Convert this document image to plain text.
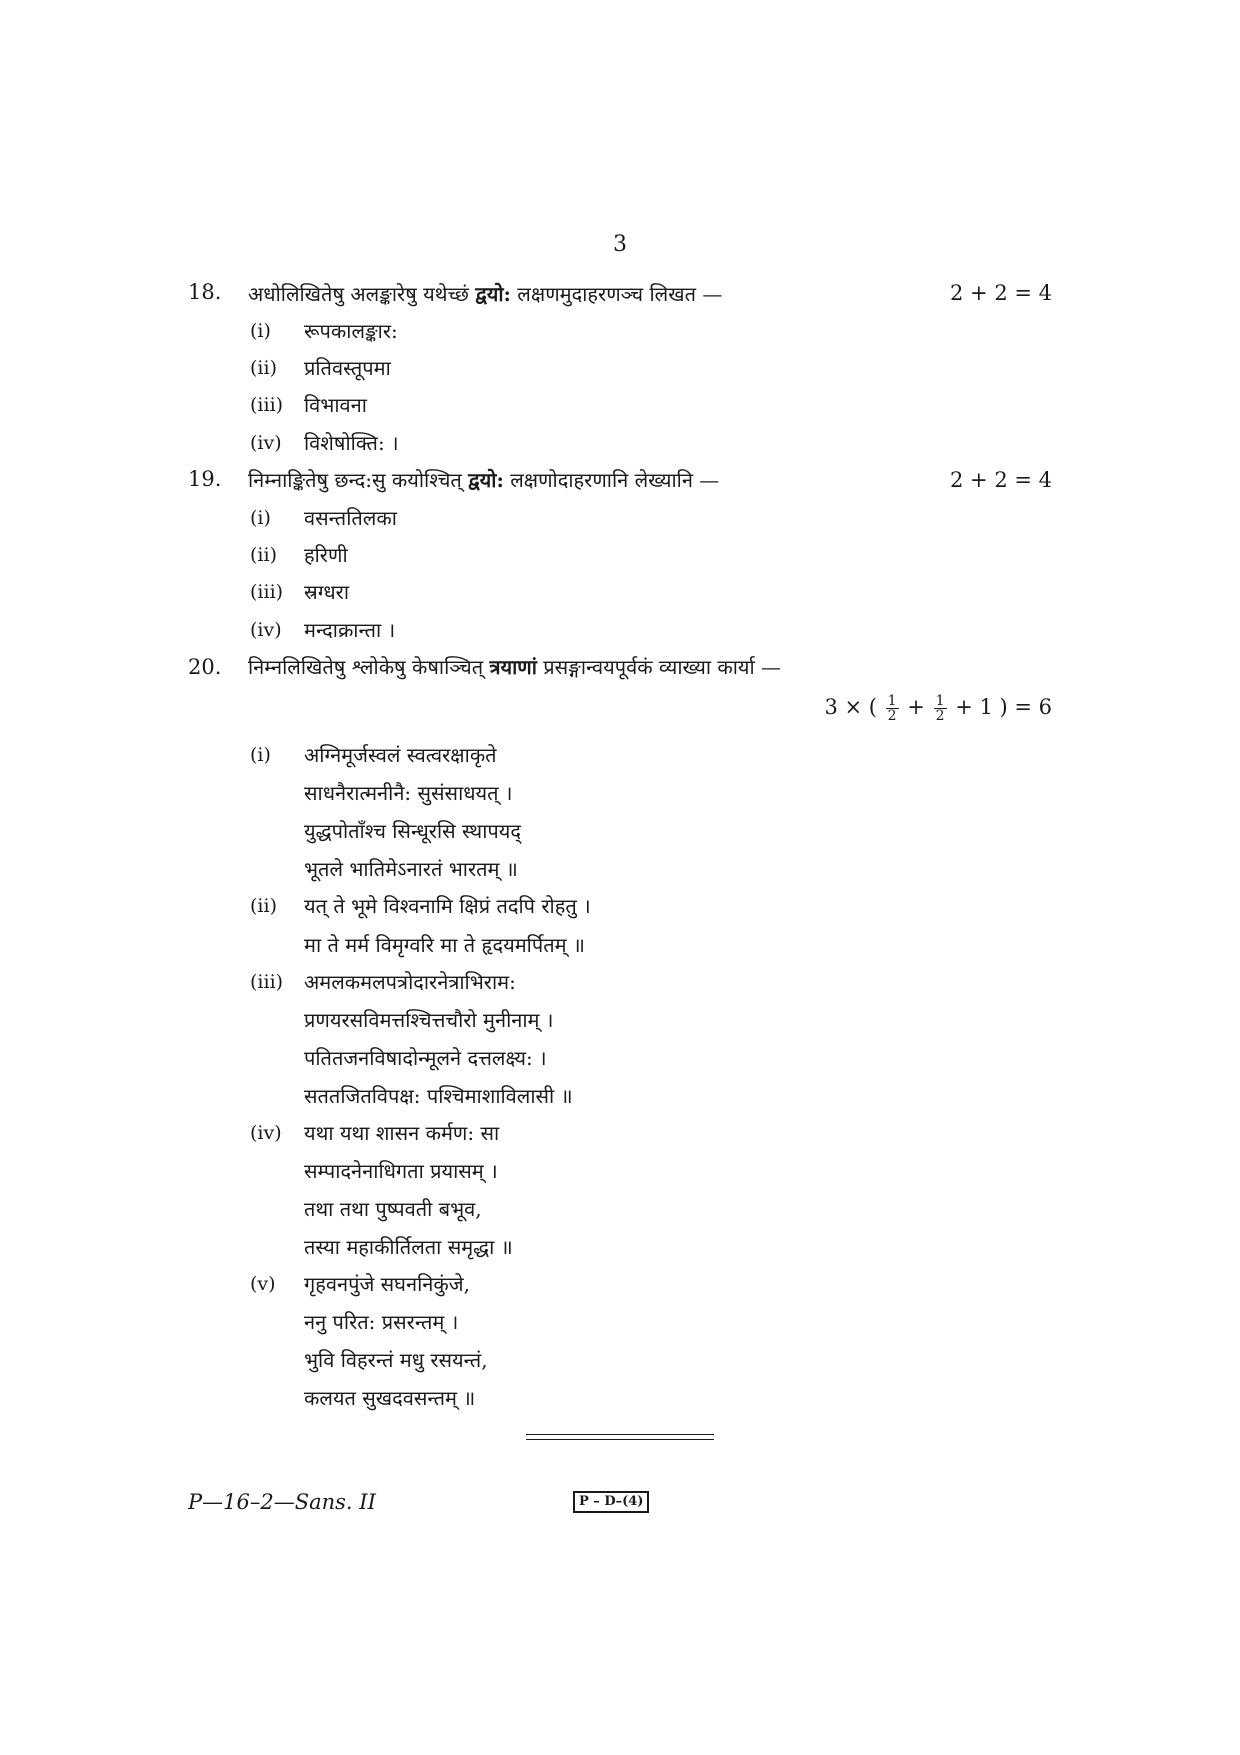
3
18. अधोलिखितेषु अलङ्कारेषु यथेच्छं द्वयो: लक्षणमुदाहरणञ्च लिखत —	2 + 2 = 4
(i) रूपकालङ्कार:
(ii) प्रतिवस्तूपमा
(iii) विभावना
(iv) विशेषोक्ति: ।
19. निम्नाङ्कितेषु छन्द:सु कयोश्चित् द्वयो: लक्षणोदाहरणानि लेख्यानि —	2 + 2 = 4
(i) वसन्ततिलका
(ii) हरिणी
(iii) स्रग्धरा
(iv) मन्दाक्रान्ता ।
20. निम्नलिखितेषु श्लोकेषु केषाञ्चित् त्रयाणां प्रसङ्गान्वयपूर्वकं व्याख्या कार्या —
3 × ( $\frac{1}{2} + \frac{1}{2} + 1$ ) = 6
(i) अग्निमूर्जस्वलं स्वत्वरक्षाकृते
साधनैरात्मनीनै: सुसंसाधयत् ।
युद्धपोताँश्च सिन्धूरसि स्थापयद्
भूतले भातिमेऽनारतं भारतम् ॥
(ii) यत् ते भूमे विश्वनामि क्षिप्रं तदपि रोहतु ।
मा ते मर्म विमृग्वरि मा ते हृदयमर्पितम् ॥
(iii) अमलकमलपत्रोदारनेत्राभिराम:
प्रणयरसविमत्तश्चित्तचौरो मुनीनाम् ।
पतितजनविषादोन्मूलने दत्तलक्ष्य: ।
सततजितविपक्ष: पश्चिमाशाविलासी ॥
(iv) यथा यथा शासन कर्मण: सा
सम्पादनेनाधिगता प्रयासम् ।
तथा तथा पुष्पवती बभूव,
तस्या महाकीर्तिलता समृद्धा ॥
(v) गृहवनपुंजे सघननिकुंजे,
ननु परित: प्रसरन्तम् ।
भुवि विहरन्तं मधु रसयन्तं,
कलयत सुखदवसन्तम् ॥
P—16–2—Sans. II	P – D–(4)
